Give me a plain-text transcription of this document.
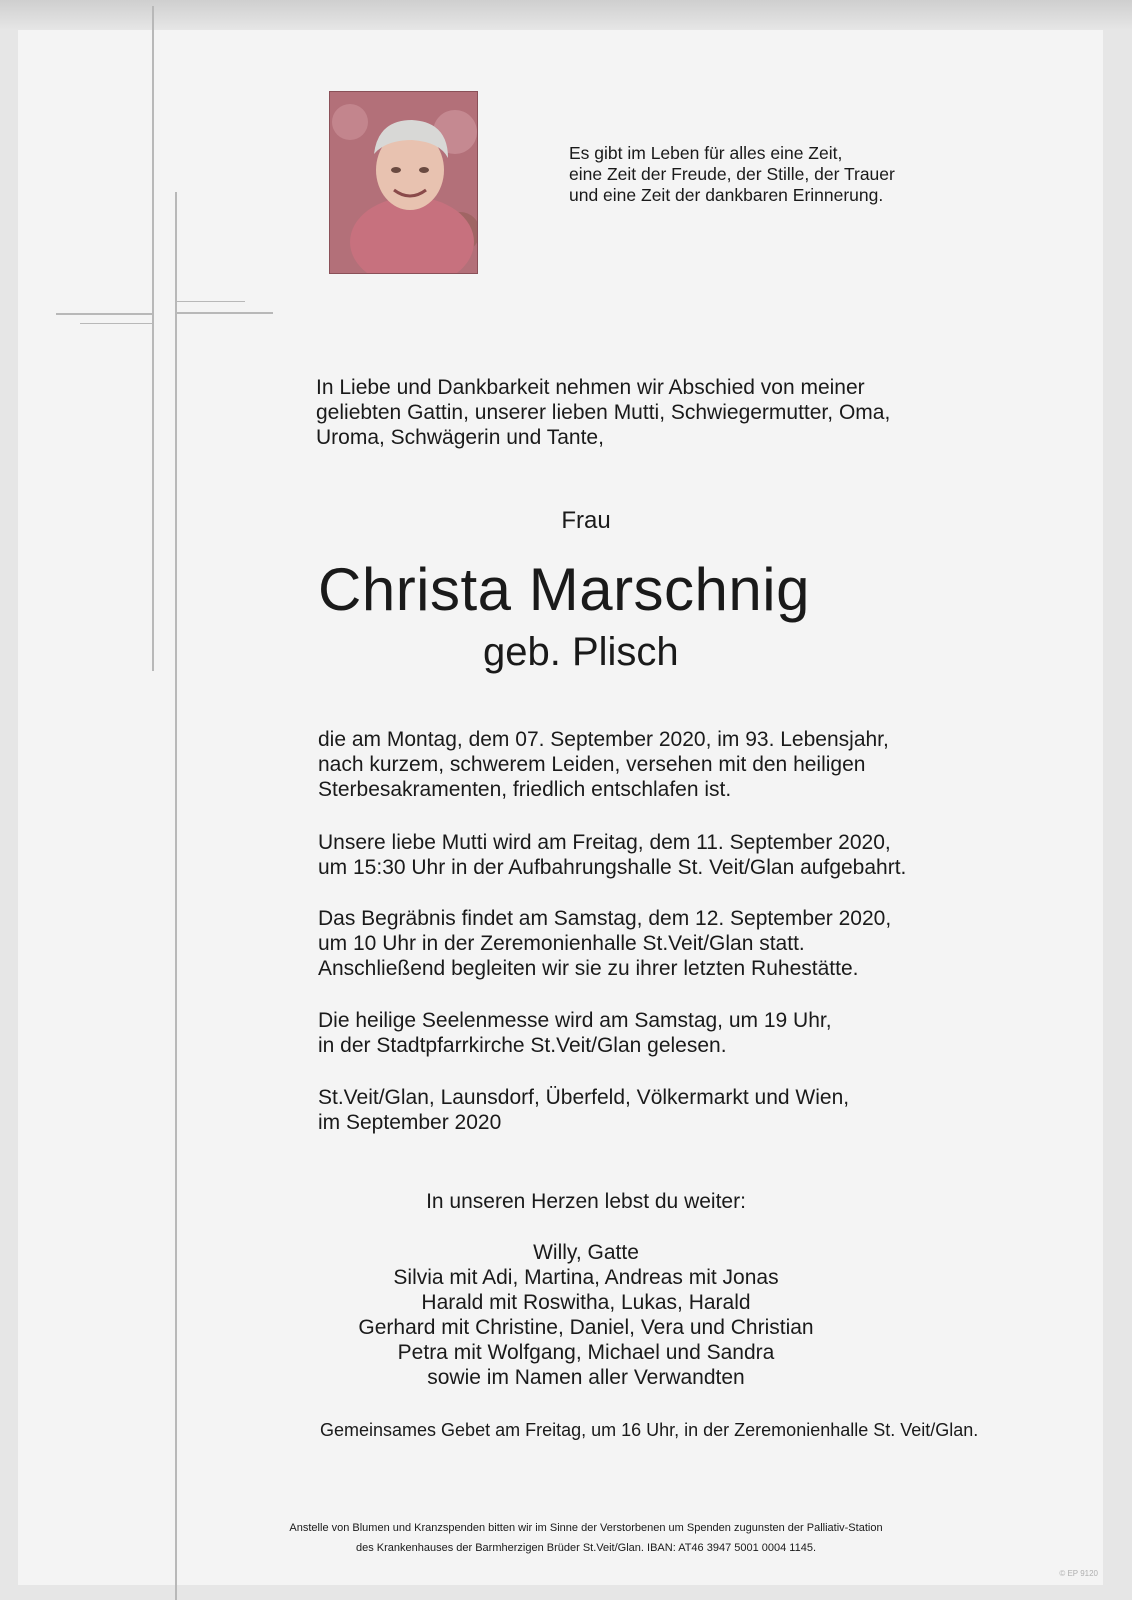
Es gibt im Leben für alles eine Zeit,
eine Zeit der Freude, der Stille, der Trauer
und eine Zeit der dankbaren Erinnerung.
In Liebe und Dankbarkeit nehmen wir Abschied von meiner
geliebten Gattin, unserer lieben Mutti, Schwiegermutter, Oma,
Uroma, Schwägerin und Tante,
Frau
Christa Marschnig
geb. Plisch
die am Montag, dem 07. September 2020, im 93. Lebensjahr,
nach kurzem, schwerem Leiden, versehen mit den heiligen
Sterbesakramenten, friedlich entschlafen ist.
Unsere liebe Mutti wird am Freitag, dem 11. September 2020,
um 15:30 Uhr in der Aufbahrungshalle St. Veit/Glan aufgebahrt.
Das Begräbnis findet am Samstag, dem 12. September 2020,
um 10 Uhr in der Zeremonienhalle St.Veit/Glan statt.
Anschließend begleiten wir sie zu ihrer letzten Ruhestätte.
Die heilige Seelenmesse wird am Samstag, um 19 Uhr,
in der Stadtpfarrkirche St.Veit/Glan gelesen.
St.Veit/Glan, Launsdorf, Überfeld, Völkermarkt und Wien,
im September 2020
In unseren Herzen lebst du weiter:
Willy, Gatte
Silvia mit Adi, Martina, Andreas mit Jonas
Harald mit Roswitha, Lukas, Harald
Gerhard mit Christine, Daniel, Vera und Christian
Petra mit Wolfgang, Michael und Sandra
sowie im Namen aller Verwandten
Gemeinsames Gebet am Freitag, um 16 Uhr, in der Zeremonienhalle St. Veit/Glan.
Anstelle von Blumen und Kranzspenden bitten wir im Sinne der Verstorbenen um Spenden zugunsten der Palliativ-Station
des Krankenhauses der Barmherzigen Brüder St.Veit/Glan. IBAN: AT46 3947 5001 0004 1145.
© EP 9120
